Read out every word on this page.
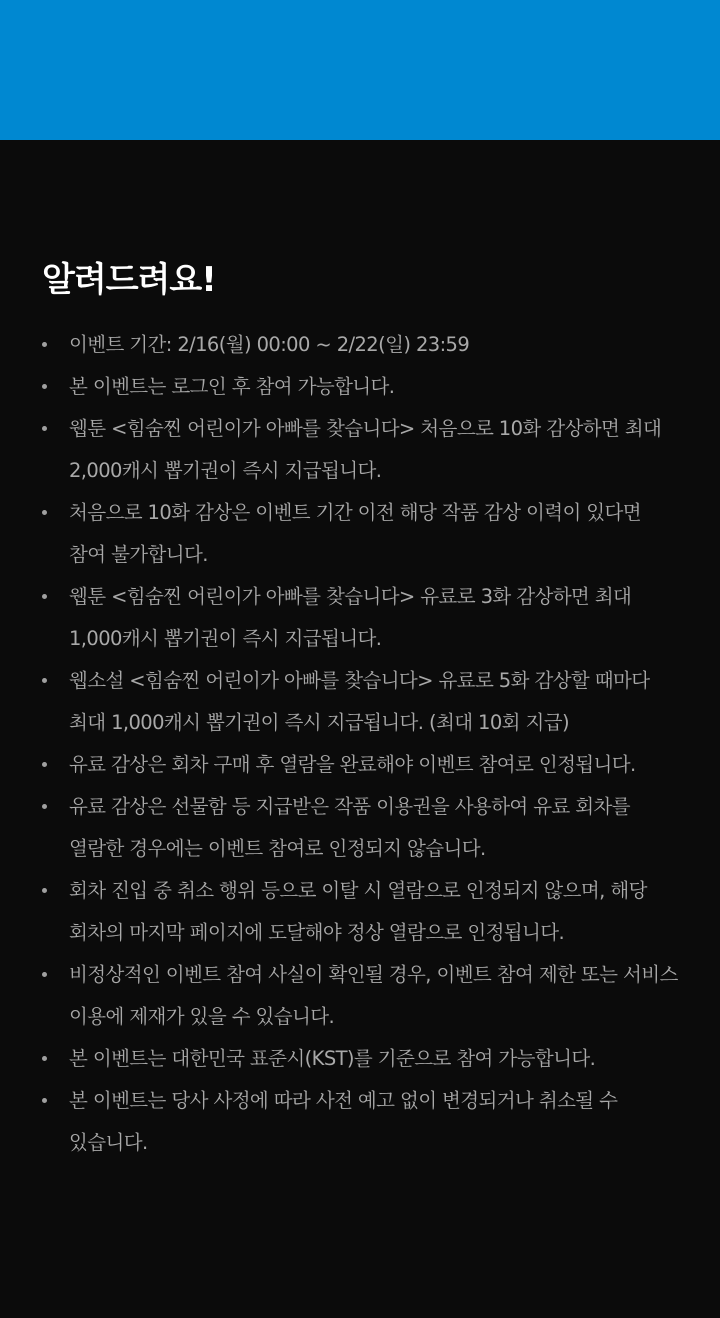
알려드려요!
이벤트 기간: 2/16(월) 00:00 ~ 2/22(일) 23:59
본 이벤트는 로그인 후 참여 가능합니다.
웹툰 <힘숨찐 어린이가 아빠를 찾습니다> 처음으로 10화 감상하면 최대 2,000캐시 뽑기권이 즉시 지급됩니다.
처음으로 10화 감상은 이벤트 기간 이전 해당 작품 감상 이력이 있다면 참여 불가합니다.
웹툰 <힘숨찐 어린이가 아빠를 찾습니다> 유료로 3화 감상하면 최대 1,000캐시 뽑기권이 즉시 지급됩니다.
웹소설 <힘숨찐 어린이가 아빠를 찾습니다> 유료로 5화 감상할 때마다 최대 1,000캐시 뽑기권이 즉시 지급됩니다. (최대 10회 지급)
유료 감상은 회차 구매 후 열람을 완료해야 이벤트 참여로 인정됩니다.
유료 감상은 선물함 등 지급받은 작품 이용권을 사용하여 유료 회차를 열람한 경우에는 이벤트 참여로 인정되지 않습니다.
회차 진입 중 취소 행위 등으로 이탈 시 열람으로 인정되지 않으며, 해당 회차의 마지막 페이지에 도달해야 정상 열람으로 인정됩니다.
비정상적인 이벤트 참여 사실이 확인될 경우, 이벤트 참여 제한 또는 서비스 이용에 제재가 있을 수 있습니다.
본 이벤트는 대한민국 표준시(KST)를 기준으로 참여 가능합니다.
본 이벤트는 당사 사정에 따라 사전 예고 없이 변경되거나 취소될 수 있습니다.
